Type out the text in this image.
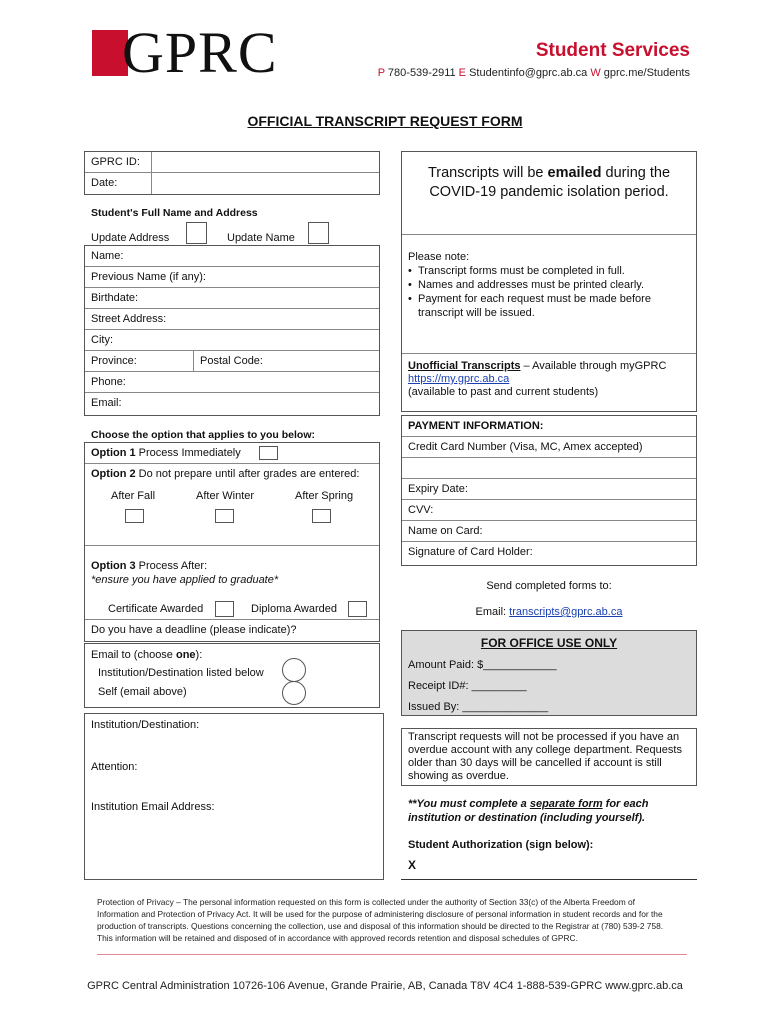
GPRC	Student Services
P 780-539-2911 E Studentinfo@gprc.ab.ca W gprc.me/Students
OFFICIAL TRANSCRIPT REQUEST FORM
GPRC ID:
Date:
Student's Full Name and Address
Update Address	Update Name
Name:
Previous Name (if any):
Birthdate:
Street Address:
City:
Province:	Postal Code:
Phone:
Email:
Choose the option that applies to you below:
Option 1 Process Immediately
Option 2 Do not prepare until after grades are entered:
After Fall	After Winter	After Spring
Option 3 Process After:
*ensure you have applied to graduate*
Certificate Awarded	Diploma Awarded
Do you have a deadline (please indicate)?
Email to (choose one):
Institution/Destination listed below
Self (email above)
Institution/Destination:
Attention:
Institution Email Address:
Transcripts will be emailed during the COVID-19 pandemic isolation period.
Please note:
• Transcript forms must be completed in full.
• Names and addresses must be printed clearly.
• Payment for each request must be made before transcript will be issued.
Unofficial Transcripts – Available through myGPRC
https://my.gprc.ab.ca
(available to past and current students)
PAYMENT INFORMATION:
Credit Card Number (Visa, MC, Amex accepted)
Expiry Date:
CVV:
Name on Card:
Signature of Card Holder:
Send completed forms to:
Email: transcripts@gprc.ab.ca
FOR OFFICE USE ONLY
Amount Paid: $____________
Receipt ID#: _________
Issued By: ______________
Transcript requests will not be processed if you have an overdue account with any college department. Requests older than 30 days will be cancelled if account is still showing as overdue.
**You must complete a separate form for each institution or destination (including yourself).
Student Authorization (sign below):
X
Protection of Privacy – The personal information requested on this form is collected under the authority of Section 33(c) of the Alberta Freedom of Information and Protection of Privacy Act. It will be used for the purpose of administering disclosure of personal information in student records and for the production of transcripts. Questions concerning the collection, use and disposal of this information should be directed to the Registrar at (780) 539-2 758. This information will be retained and disposed of in accordance with approved records retention and disposal schedules of GPRC.
GPRC Central Administration 10726-106 Avenue, Grande Prairie, AB, Canada T8V 4C4 1-888-539-GPRC www.gprc.ab.ca
